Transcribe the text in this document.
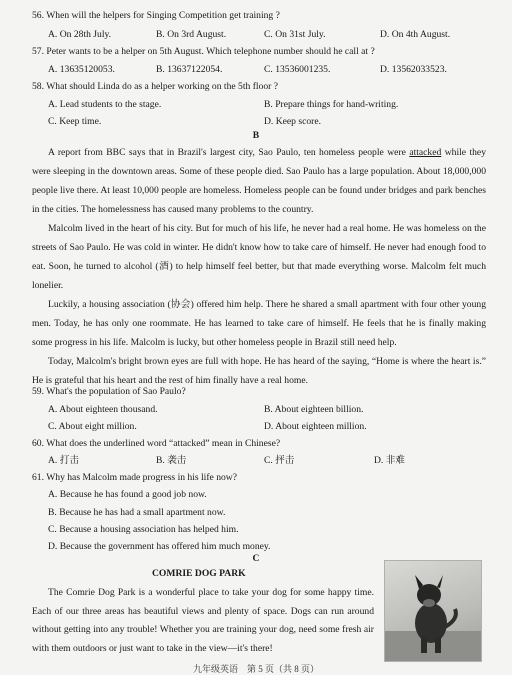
56. When will the helpers for Singing Competition get training ?
A. On 28th July.	B. On 3rd August.	C. On 31st July.	D. On 4th August.
57. Peter wants to be a helper on 5th August. Which telephone number should he call at ?
A. 13635120053.	B. 13637122054.	C. 13536001235.	D. 13562033523.
58. What should Linda do as a helper working on the 5th floor ?
A. Lead students to the stage.	B. Prepare things for hand-writing.
C. Keep time.	D. Keep score.
B

A report from BBC says that in Brazil's largest city, Sao Paulo, ten homeless people were attacked while they were sleeping in the downtown areas. Some of these people died. Sao Paulo has a large population. About 18,000,000 people live there. At least 10,000 people are homeless. Homeless people can be found under bridges and park benches in the cities. The homelessness has caused many problems to the country.

Malcolm lived in the heart of his city. But for much of his life, he never had a real home. He was homeless on the streets of Sao Paulo. He was cold in winter. He didn't know how to take care of himself. He never had enough food to eat. Soon, he turned to alcohol (酒) to help himself feel better, but that made everything worse. Malcolm felt much lonelier.

Luckily, a housing association (协会) offered him help. There he shared a small apartment with four other young men. Today, he has only one roommate. He has learned to take care of himself. He feels that he is finally making some progress in his life. Malcolm is lucky, but other homeless people in Brazil still need help.

Today, Malcolm's bright brown eyes are full with hope. He has heard of the saying, “Home is where the heart is.” He is grateful that his heart and the rest of him finally have a real home.

59. What's the population of Sao Paulo?
A. About eighteen thousand.	B. About eighteen billion.
C. About eight million.	D. About eighteen million.
60. What does the underlined word “attacked” mean in Chinese?
A. 打击	B. 袭击	C. 抨击	D. 非难
61. Why has Malcolm made progress in his life now?
A. Because he has found a good job now.
B. Because he has had a small apartment now.
C. Because a housing association has helped him.
D. Because the government has offered him much money.
C
COMRIE DOG PARK

The Comrie Dog Park is a wonderful place to take your dog for some happy time. Each of our three areas has beautiful views and plenty of space. Dogs can run around without getting into any trouble! Whether you are training your dog, need some fresh air with them outdoors or just want to take in the view—it's there!

九年级英语　第 5 页（共 8 页）
